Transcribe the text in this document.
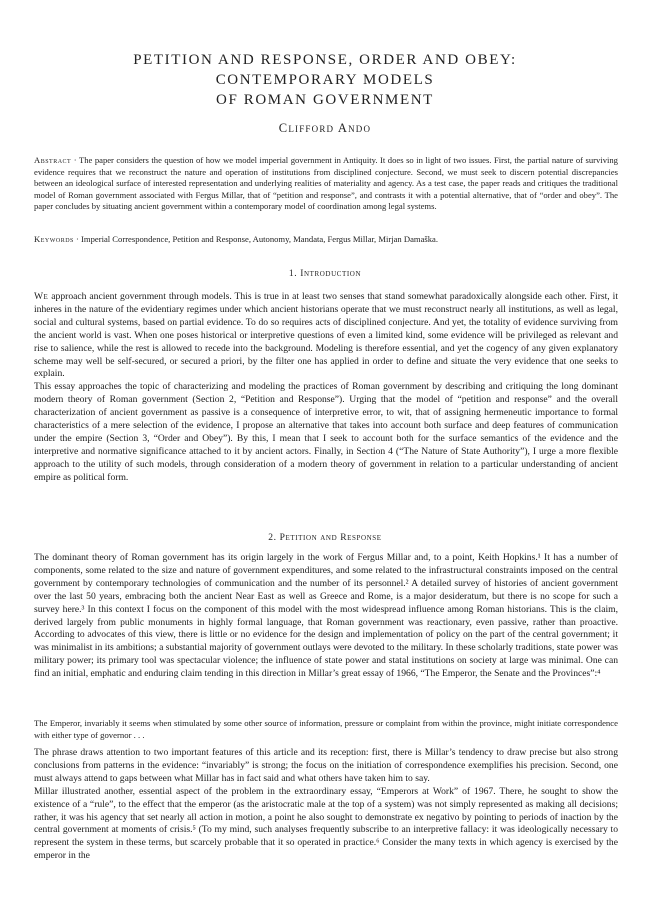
PETITION AND RESPONSE, ORDER AND OBEY:
CONTEMPORARY MODELS
OF ROMAN GOVERNMENT
Clifford Ando
Abstract · The paper considers the question of how we model imperial government in Antiquity. It does so in light of two issues. First, the partial nature of surviving evidence requires that we reconstruct the nature and operation of institutions from disciplined conjecture. Second, we must seek to discern potential discrepancies between an ideological surface of interested representation and underlying realities of materiality and agency. As a test case, the paper reads and critiques the traditional model of Roman government associated with Fergus Millar, that of “petition and response”, and contrasts it with a potential alternative, that of “order and obey”. The paper concludes by situating ancient government within a contemporary model of coordination among legal systems.
Keywords · Imperial Correspondence, Petition and Response, Autonomy, Mandata, Fergus Millar, Mirjan Damaška.
1. Introduction

We approach ancient government through models. This is true in at least two senses that stand somewhat paradoxically alongside each other. First, it inheres in the nature of the evidentiary regimes under which ancient historians operate that we must reconstruct nearly all institutions, as well as legal, social and cultural systems, based on partial evidence. To do so requires acts of disciplined conjecture. And yet, the totality of evidence surviving from the ancient world is vast. When one poses historical or interpretive questions of even a limited kind, some evidence will be privileged as relevant and rise to salience, while the rest is allowed to recede into the background. Modeling is therefore essential, and yet the cogency of any given explanatory scheme may well be self-secured, or secured a priori, by the filter one has applied in order to define and situate the very evidence that one seeks to explain.

This essay approaches the topic of characterizing and modeling the practices of Roman government by describing and critiquing the long dominant modern theory of Roman government (Section 2, “Petition and Response”). Urging that the model of “petition and response” and the overall characterization of ancient government as passive is a consequence of interpretive error, to wit, that of assigning hermeneutic importance to formal characteristics of a mere selection of the evidence, I propose an alternative that takes into account both surface and deep features of communication under the empire (Section 3, “Order and Obey”). By this, I mean that I seek to account both for the surface semantics of the evidence and the interpretive and normative significance attached to it by ancient actors. Finally, in Section 4 (“The Nature of State Authority”), I urge a more flexible approach to the utility of such models, through consideration of a modern theory of government in relation to a particular understanding of ancient empire as political form.

2. Petition and Response

The dominant theory of Roman government has its origin largely in the work of Fergus Millar and, to a point, Keith Hopkins.¹ It has a number of components, some related to the size and nature of government expenditures, and some related to the infrastructural constraints imposed on the central government by contemporary technologies of communication and the number of its personnel.² A detailed survey of histories of ancient government over the last 50 years, embracing both the ancient Near East as well as Greece and Rome, is a major desideratum, but there is no scope for such a survey here.³ In this context I focus on the component of this model with the most widespread influence among Roman historians. This is the claim, derived largely from public monuments in highly formal language, that Roman government was reactionary, even passive, rather than proactive. According to advocates of this view, there is little or no evidence for the design and implementation of policy on the part of the central government; it was minimalist in its ambitions; a substantial majority of government outlays were devoted to the military. In these scholarly traditions, state power was military power; its primary tool was spectacular violence; the influence of state power and statal institutions on society at large was minimal. One can find an initial, emphatic and enduring claim tending in this direction in Millar’s great essay of 1966, “The Emperor, the Senate and the Provinces”:⁴

The Emperor, invariably it seems when stimulated by some other source of information, pressure or complaint from within the province, might initiate correspondence with either type of governor . . .

The phrase draws attention to two important features of this article and its reception: first, there is Millar’s tendency to draw precise but also strong conclusions from patterns in the evidence: “invariably” is strong; the focus on the initiation of correspondence exemplifies his precision. Second, one must always attend to gaps between what Millar has in fact said and what others have taken him to say.

Millar illustrated another, essential aspect of the problem in the extraordinary essay, “Emperors at Work” of 1967. There, he sought to show the existence of a “rule”, to the effect that the emperor (as the aristocratic male at the top of a system) was not simply represented as making all decisions; rather, it was his agency that set nearly all action in motion, a point he also sought to demonstrate ex negativo by pointing to periods of inaction by the central government at moments of crisis.⁵ (To my mind, such analyses frequently subscribe to an interpretive fallacy: it was ideologically necessary to represent the system in these terms, but scarcely probable that it so operated in practice.⁶ Consider the many texts in which agency is exercised by the emperor in the
